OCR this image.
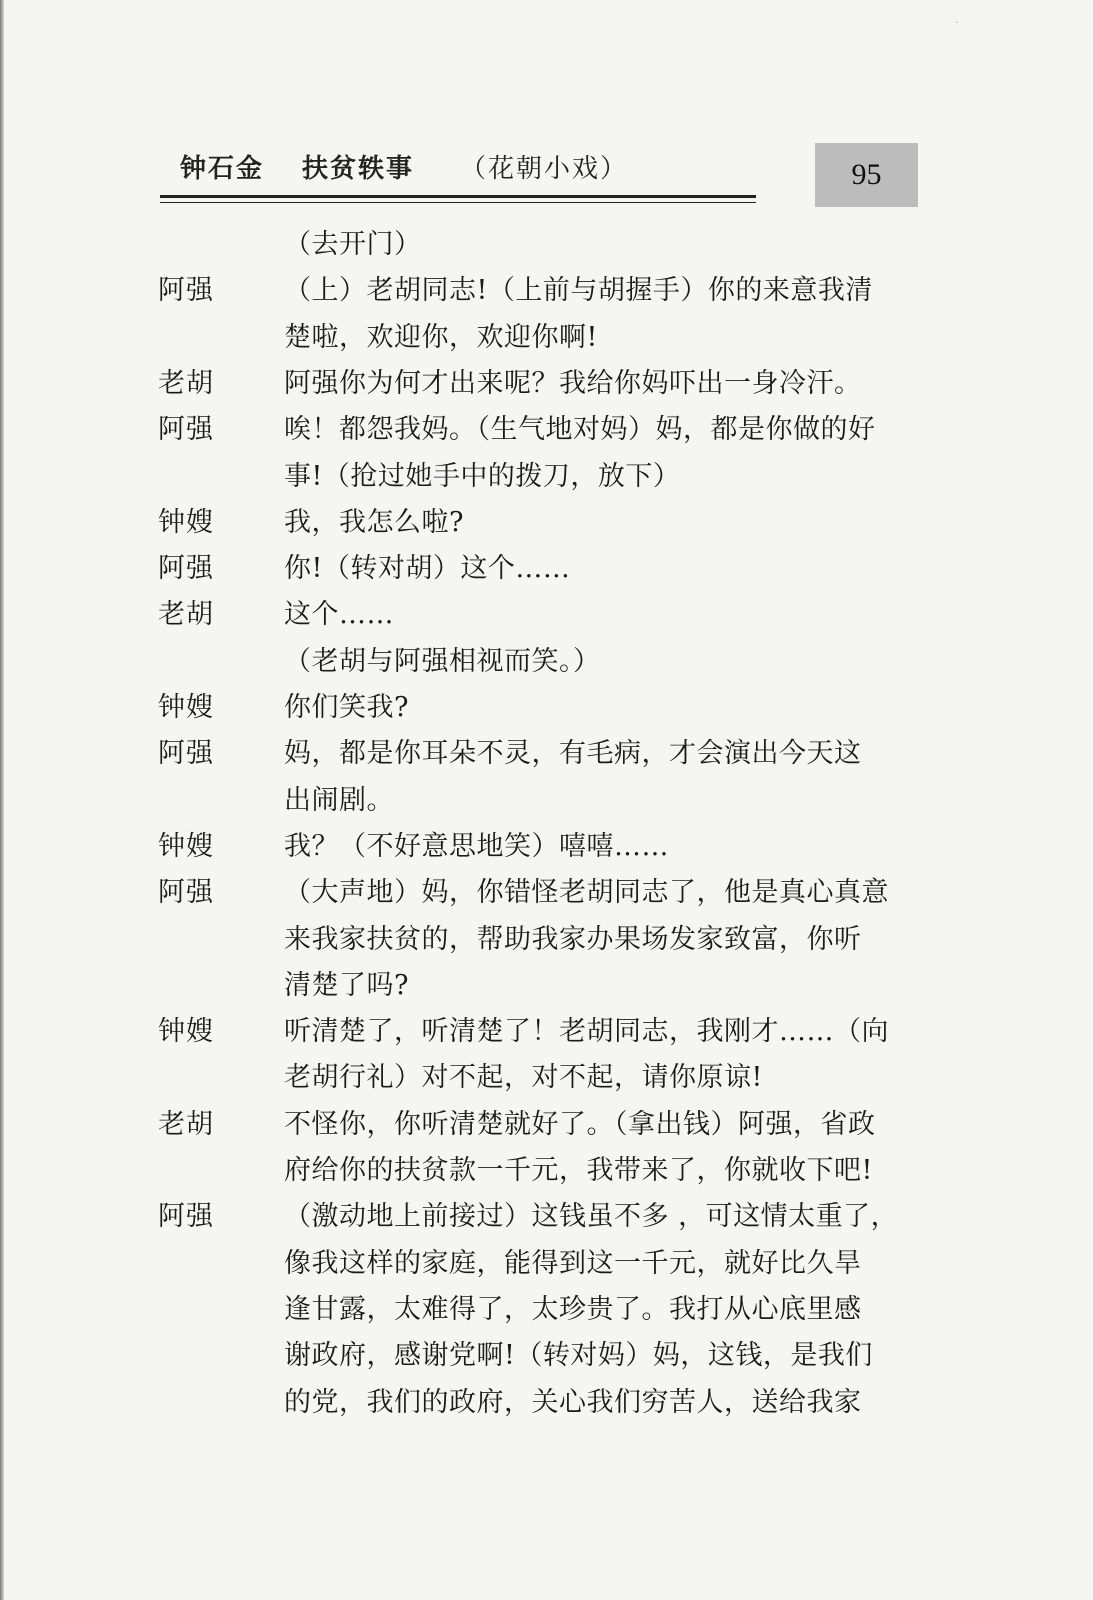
·
钟石金 扶贫轶事 （花朝小戏）	95
（去开门）
阿强	（上）老胡同志!（上前与胡握手）你的来意我清
楚啦，欢迎你，欢迎你啊!
老胡	阿强你为何才出来呢？我给你妈吓出一身冷汗。
阿强	唉！都怨我妈。（生气地对妈）妈，都是你做的好
事!（抢过她手中的拨刀，放下）
钟嫂	我，我怎么啦?
阿强	你!（转对胡）这个……
老胡	这个……
（老胡与阿强相视而笑。）
钟嫂	你们笑我?
阿强	妈，都是你耳朵不灵，有毛病，才会演出今天这
出闹剧。
钟嫂	我？（不好意思地笑）嘻嘻……
阿强	（大声地）妈，你错怪老胡同志了，他是真心真意
来我家扶贫的，帮助我家办果场发家致富，你听
清楚了吗?
钟嫂	听清楚了，听清楚了！老胡同志，我刚才……（向
老胡行礼）对不起，对不起，请你原谅!
老胡	不怪你，你听清楚就好了。（拿出钱）阿强，省政
府给你的扶贫款一千元，我带来了，你就收下吧!
阿强	（激动地上前接过）这钱虽不多 ，可这情太重了，
像我这样的家庭，能得到这一千元，就好比久旱
逢甘露，太难得了，太珍贵了。我打从心底里感
谢政府，感谢党啊!（转对妈）妈，这钱，是我们
的党，我们的政府，关心我们穷苦人，送给我家
